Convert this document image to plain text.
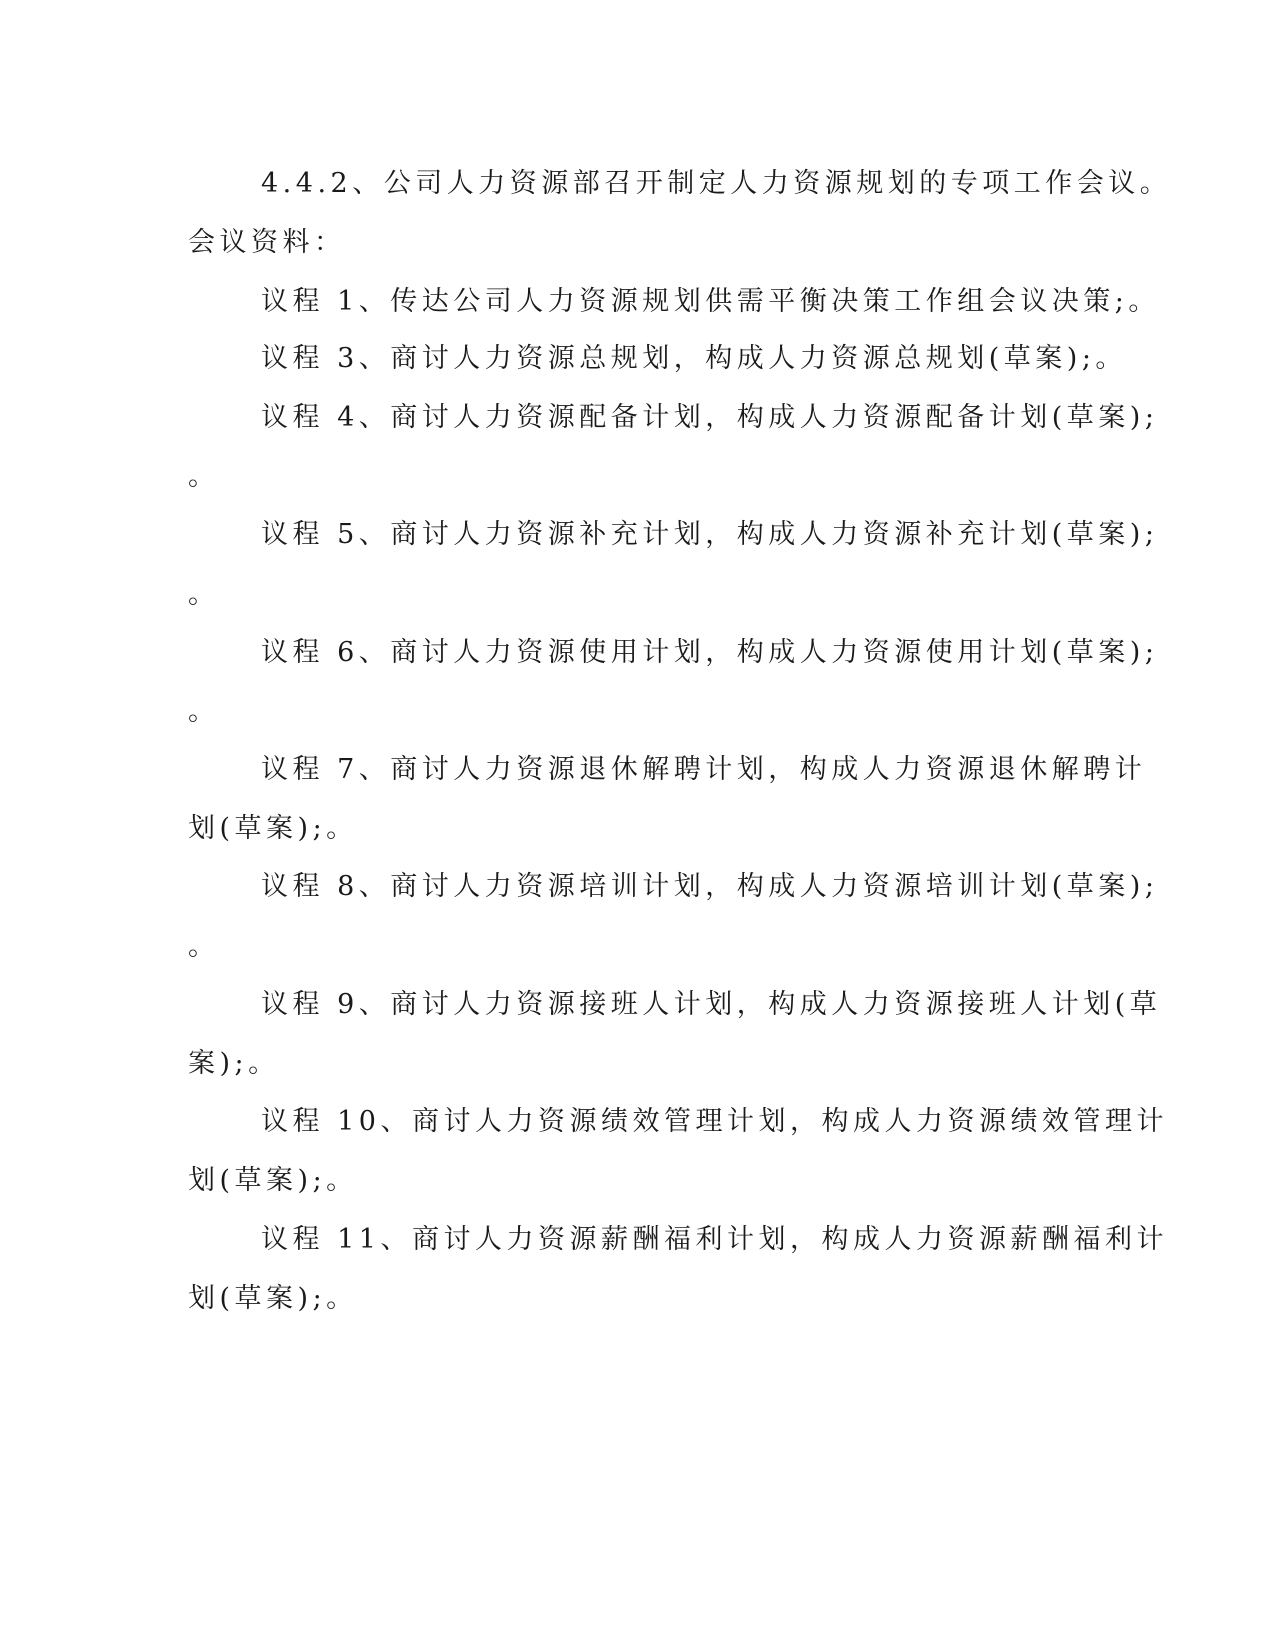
4.4.2、公司人力资源部召开制定人力资源规划的专项工作会议。

会议资料：

议程 1、传达公司人力资源规划供需平衡决策工作组会议决策;。

议程 3、商讨人力资源总规划，构成人力资源总规划(草案);。

议程 4、商讨人力资源配备计划，构成人力资源配备计划(草案);

。

议程 5、商讨人力资源补充计划，构成人力资源补充计划(草案);

。

议程 6、商讨人力资源使用计划，构成人力资源使用计划(草案);

。

议程 7、商讨人力资源退休解聘计划，构成人力资源退休解聘计

划(草案);。

议程 8、商讨人力资源培训计划，构成人力资源培训计划(草案);

。

议程 9、商讨人力资源接班人计划，构成人力资源接班人计划(草

案);。

议程 10、商讨人力资源绩效管理计划，构成人力资源绩效管理计

划(草案);。

议程 11、商讨人力资源薪酬福利计划，构成人力资源薪酬福利计

划(草案);。
